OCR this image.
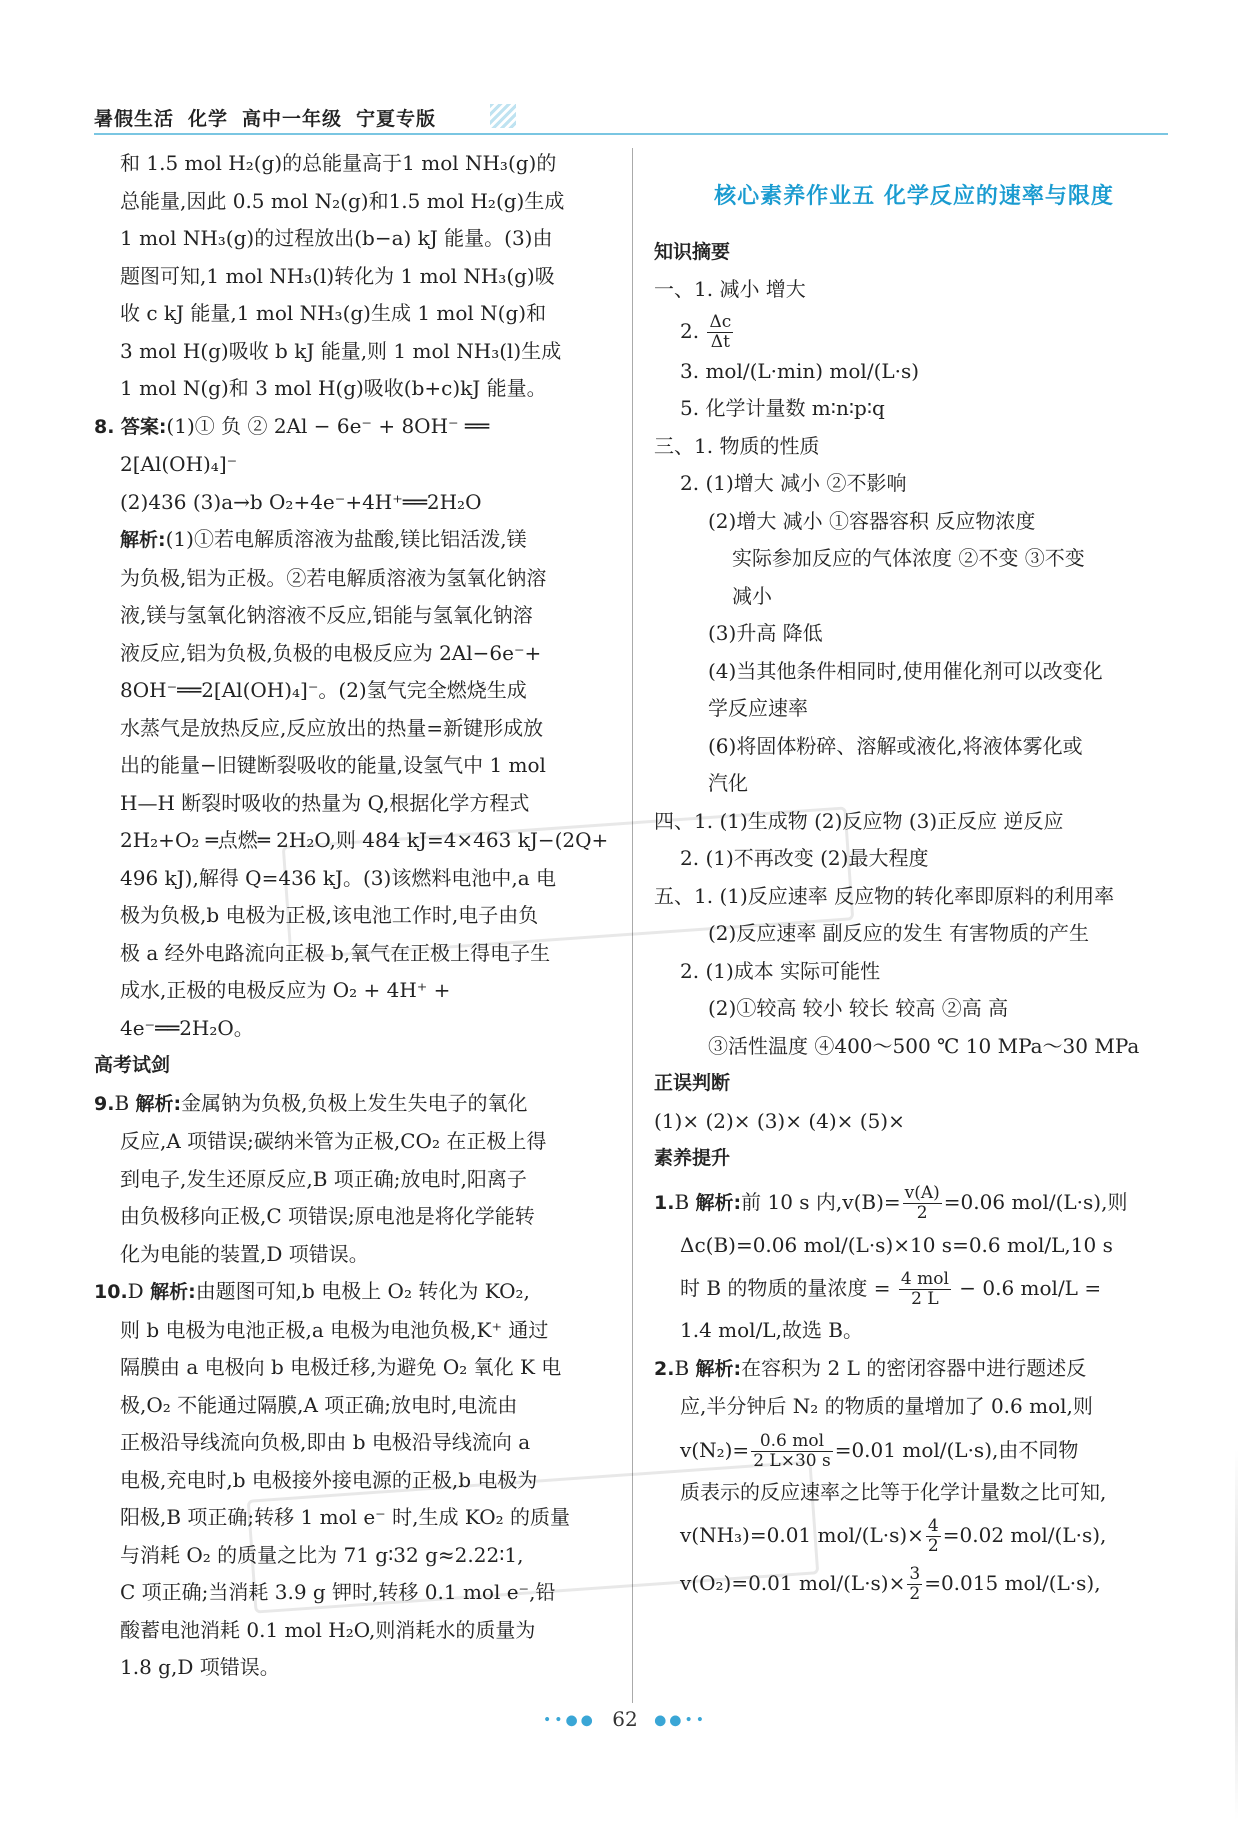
暑假生活 化学 高中一年级 宁夏专版

和 1.5 mol H₂(g)的总能量高于1 mol NH₃(g)的

总能量,因此 0.5 mol N₂(g)和1.5 mol H₂(g)生成

1 mol NH₃(g)的过程放出(b−a) kJ 能量。(3)由

题图可知,1 mol NH₃(l)转化为 1 mol NH₃(g)吸

收 c kJ 能量,1 mol NH₃(g)生成 1 mol N(g)和

3 mol H(g)吸收 b kJ 能量,则 1 mol NH₃(l)生成

1 mol N(g)和 3 mol H(g)吸收(b+c)kJ 能量。

8. 答案:(1)① 负 ② 2Al − 6e⁻ + 8OH⁻ ══

2[Al(OH)₄]⁻

(2)436 (3)a→b O₂+4e⁻+4H⁺══2H₂O

解析:(1)①若电解质溶液为盐酸,镁比铝活泼,镁

为负极,铝为正极。②若电解质溶液为氢氧化钠溶

液,镁与氢氧化钠溶液不反应,铝能与氢氧化钠溶

液反应,铝为负极,负极的电极反应为 2Al−6e⁻+

8OH⁻══2[Al(OH)₄]⁻。(2)氢气完全燃烧生成

水蒸气是放热反应,反应放出的热量=新键形成放

出的能量−旧键断裂吸收的能量,设氢气中 1 mol

H—H 断裂时吸收的热量为 Q,根据化学方程式

2H₂+O₂ ═点燃═ 2H₂O,则 484 kJ=4×463 kJ−(2Q+

496 kJ),解得 Q=436 kJ。(3)该燃料电池中,a 电

极为负极,b 电极为正极,该电池工作时,电子由负

极 a 经外电路流向正极 b,氧气在正极上得电子生

成水,正极的电极反应为 O₂ + 4H⁺ +

4e⁻══2H₂O。

高考试剑

9.B 解析:金属钠为负极,负极上发生失电子的氧化

反应,A 项错误;碳纳米管为正极,CO₂ 在正极上得

到电子,发生还原反应,B 项正确;放电时,阳离子

由负极移向正极,C 项错误;原电池是将化学能转

化为电能的装置,D 项错误。

10.D 解析:由题图可知,b 电极上 O₂ 转化为 KO₂,

则 b 电极为电池正极,a 电极为电池负极,K⁺ 通过

隔膜由 a 电极向 b 电极迁移,为避免 O₂ 氧化 K 电

极,O₂ 不能通过隔膜,A 项正确;放电时,电流由

正极沿导线流向负极,即由 b 电极沿导线流向 a

电极,充电时,b 电极接外接电源的正极,b 电极为

阳极,B 项正确;转移 1 mol e⁻ 时,生成 KO₂ 的质量

与消耗 O₂ 的质量之比为 71 g∶32 g≈2.22∶1,

C 项正确;当消耗 3.9 g 钾时,转移 0.1 mol e⁻,铅

酸蓄电池消耗 0.1 mol H₂O,则消耗水的质量为

1.8 g,D 项错误。

核心素养作业五 化学反应的速率与限度

知识摘要

一、1. 减小 增大

2. $\frac{\Delta c}{\Delta t}$

3. mol/(L·min) mol/(L·s)

5. 化学计量数 m∶n∶p∶q

三、1. 物质的性质

2. (1)增大 减小 ②不影响

(2)增大 减小 ①容器容积 反应物浓度

实际参加反应的气体浓度 ②不变 ③不变

减小

(3)升高 降低

(4)当其他条件相同时,使用催化剂可以改变化

学反应速率

(6)将固体粉碎、溶解或液化,将液体雾化或

汽化

四、1. (1)生成物 (2)反应物 (3)正反应 逆反应

2. (1)不再改变 (2)最大程度

五、1. (1)反应速率 反应物的转化率即原料的利用率

(2)反应速率 副反应的发生 有害物质的产生

2. (1)成本 实际可能性

(2)①较高 较小 较长 较高 ②高 高

③活性温度 ④400～500 ℃ 10 MPa～30 MPa

正误判断

(1)× (2)× (3)× (4)× (5)×

素养提升

1.B 解析:前 10 s 内$,v(B)= \frac{v(A)}{2} =0.06$ mol/(L·s),则

Δc(B)=0.06 mol/(L·s)×10 s=0.6 mol/L,10 s

时 B 的物质的量浓度 = $\frac{\text{4 mol}}{2 L} - 0.6$ mol/L =

1.4 mol/L,故选 B。

2.B 解析:在容积为 2 L 的密闭容器中进行题述反

应,半分钟后 N₂ 的物质的量增加了 0.6 mol,则

$v(N_2)= \frac{\text{0.6 mol}}{2 L\times 30 s} =0.01$ mol/(L·s),由不同物

质表示的反应速率之比等于化学计量数之比可知,

v(NH₃)=0.01 $mol/(L\cdot s)\times \frac{4}{2} =0.02$ mol/(L·s),

v(O₂)=0.01 $mol/(L\cdot s)\times \frac{3}{2} =0.015$ mol/(L·s),

••●● 62 ●●••
